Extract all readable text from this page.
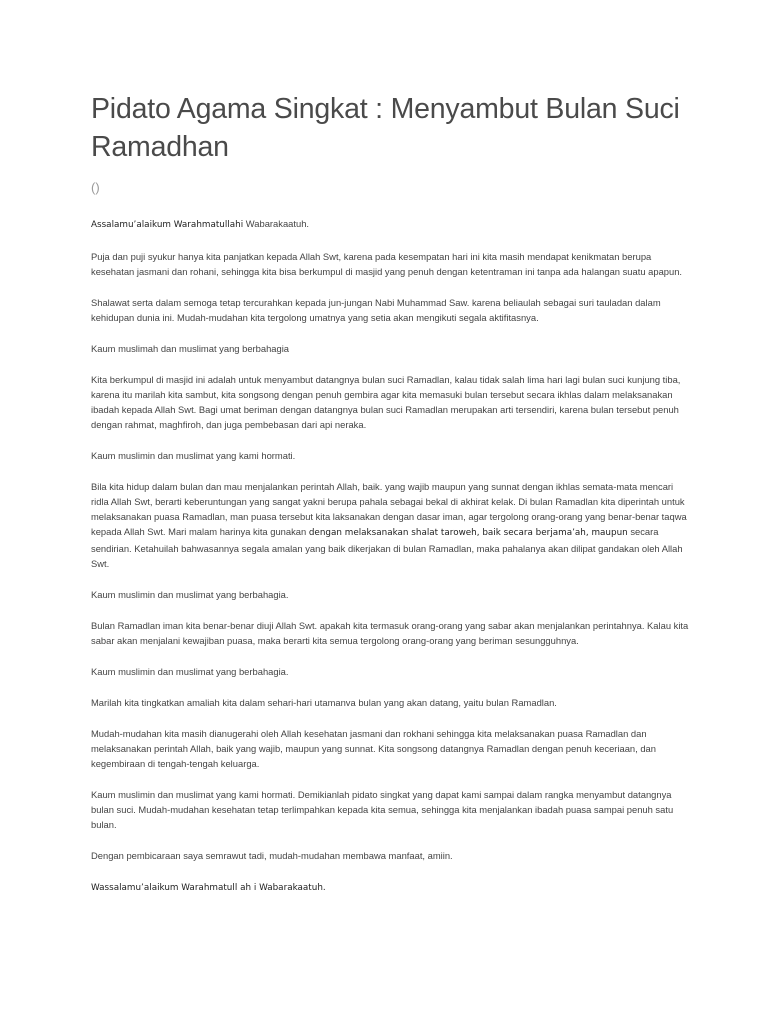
Pidato Agama Singkat : Menyambut Bulan Suci Ramadhan
()

Assalamu’alaikum Warahmatullahi Wabarakaatuh.

Puja dan puji syukur hanya kita panjatkan kepada Allah Swt, karena pada kesempatan hari ini kita masih mendapat kenikmatan berupa kesehatan jasmani dan rohani, sehingga kita bisa berkumpul di masjid yang penuh dengan ketentraman ini tanpa ada halangan suatu apapun.

Shalawat serta dalam semoga tetap tercurahkan kepada jun-jungan Nabi Muhammad Saw. karena beliaulah sebagai suri tauladan dalam kehidupan dunia ini. Mudah-mudahan kita tergolong umatnya yang setia akan mengikuti segala aktifitasnya.

Kaum muslimah dan muslimat yang berbahagia

Kita berkumpul di masjid ini adalah untuk menyambut datangnya bulan suci Ramadlan, kalau tidak salah lima hari lagi bulan suci kunjung tiba, karena itu marilah kita sambut, kita songsong dengan penuh gembira agar kita memasuki bulan tersebut secara ikhlas dalam melaksanakan ibadah kepada Allah Swt. Bagi umat beriman dengan datangnya bulan suci Ramadlan merupakan arti tersendiri, karena bulan tersebut penuh dengan rahmat, maghfiroh, dan juga pembebasan dari api neraka.

Kaum muslimin dan muslimat yang kami hormati.

Bila kita hidup dalam bulan dan mau menjalankan perintah Allah, baik. yang wajib maupun yang sunnat dengan ikhlas semata-mata mencari ridla Allah Swt, berarti keberuntungan yang sangat yakni berupa pahala sebagai bekal di akhirat kelak. Di bulan Ramadlan kita diperintah untuk melaksanakan puasa Ramadlan, man puasa tersebut kita laksanakan dengan dasar iman, agar tergolong orang-orang yang benar-benar taqwa kepada Allah Swt. Mari malam harinya kita gunakan dengan melaksanakan shalat taroweh, baik secara berjama’ah, maupun secara sendirian. Ketahuilah bahwasannya segala amalan yang baik dikerjakan di bulan Ramadlan, maka pahalanya akan dilipat gandakan oleh Allah Swt.

Kaum muslimin dan muslimat yang berbahagia.

Bulan Ramadlan iman kita benar-benar diuji Allah Swt. apakah kita termasuk orang-orang yang sabar akan menjalankan perintahnya. Kalau kita sabar akan menjalani kewajiban puasa, maka berarti kita semua tergolong orang-orang yang beriman sesungguhnya.

Kaum muslimin dan muslimat yang berbahagia.

Marilah kita tingkatkan amaliah kita dalam sehari-hari utamanva bulan yang akan datang, yaitu bulan Ramadlan.

Mudah-mudahan kita masih dianugerahi oleh Allah kesehatan jasmani dan rokhani sehingga kita melaksanakan puasa Ramadlan dan melaksanakan perintah Allah, baik yang wajib, maupun yang sunnat. Kita songsong datangnya Ramadlan dengan penuh keceriaan, dan kegembiraan di tengah-tengah keluarga.

Kaum muslimin dan muslimat yang kami hormati. Demikianlah pidato singkat yang dapat kami sampai dalam rangka menyambut datangnya bulan suci. Mudah-mudahan kesehatan tetap terlimpahkan kepada kita semua, sehingga kita menjalankan ibadah puasa sampai penuh satu bulan.

Dengan pembicaraan saya semrawut tadi, mudah-mudahan membawa manfaat, amiin.

Wassalamu’alaikum Warahmatull ah i Wabarakaatuh.
